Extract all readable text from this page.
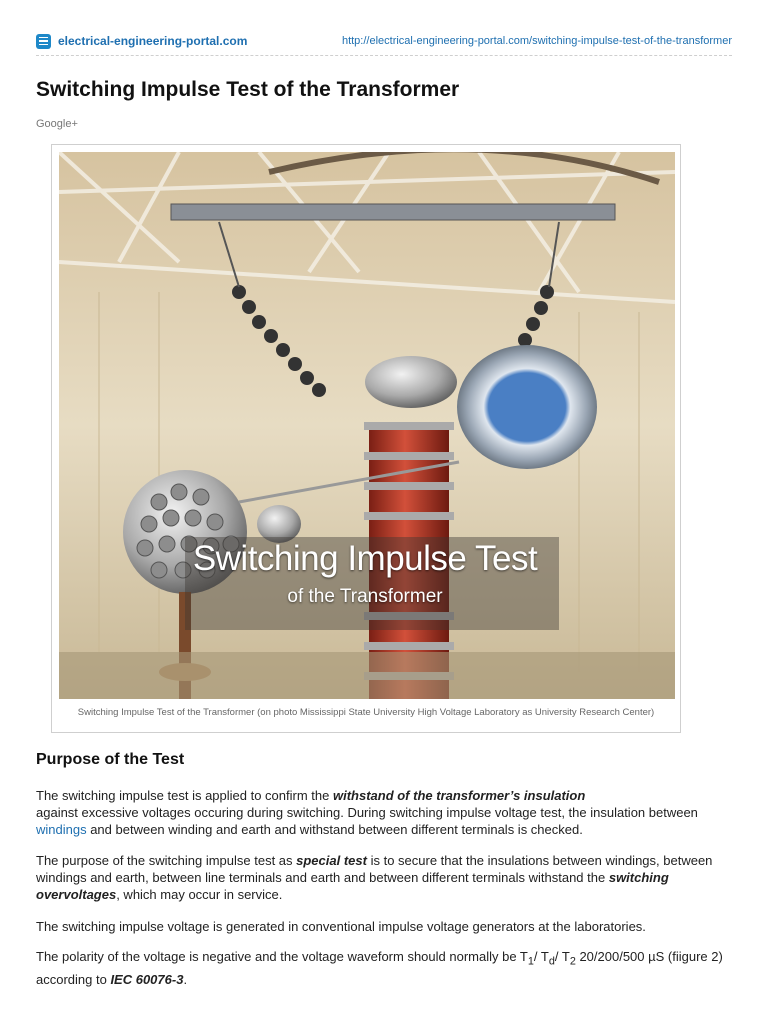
electrical-engineering-portal.com	http://electrical-engineering-portal.com/switching-impulse-test-of-the-transformer
Switching Impulse Test of the Transformer
Google+
Switching Impulse Test
of the Transformer
Switching Impulse Test of the Transformer (on photo Mississippi State University High Voltage Laboratory as University Research Center)
Purpose of the Test

The switching impulse test is applied to confirm the withstand of the transformer’s insulation
against excessive voltages occuring during switching. During switching impulse voltage test, the insulation between windings and between winding and earth and withstand between different terminals is checked.

The purpose of the switching impulse test as special test is to secure that the insulations between windings, between windings and earth, between line terminals and earth and between different terminals withstand the switching overvoltages, which may occur in service.

The switching impulse voltage is generated in conventional impulse voltage generators at the laboratories.

The polarity of the voltage is negative and the voltage waveform should normally be $T_1/$ $T_d/$ $T_2$ 20/200/500 µS (fiigure 2) according to IEC 60076-3.
